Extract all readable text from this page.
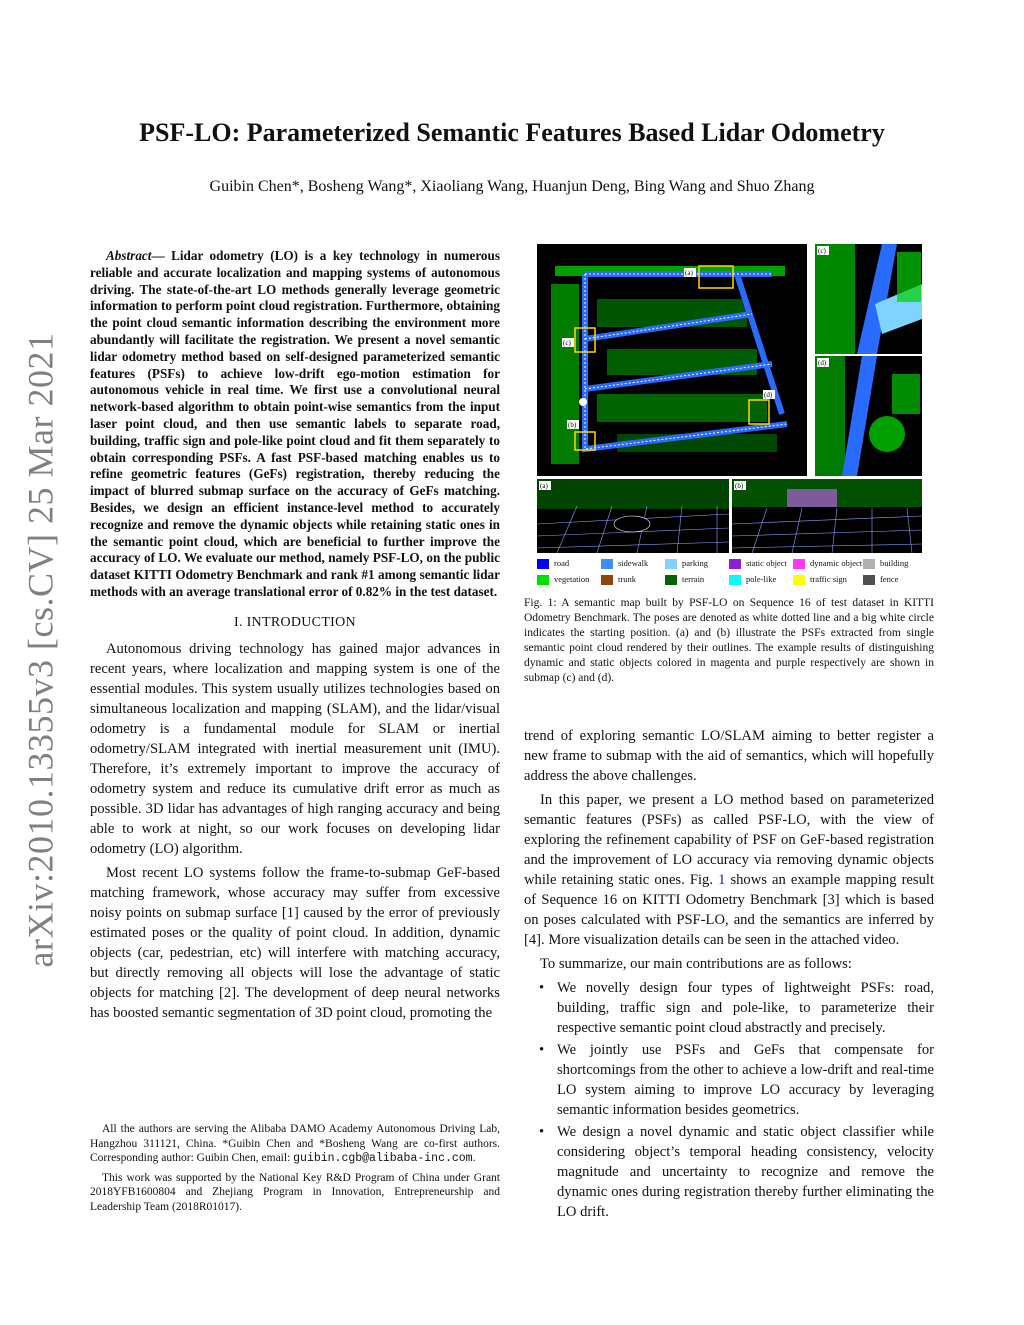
arXiv:2010.13355v3 [cs.CV] 25 Mar 2021
PSF-LO: Parameterized Semantic Features Based Lidar Odometry
Guibin Chen*, Bosheng Wang*, Xiaoliang Wang, Huanjun Deng, Bing Wang and Shuo Zhang

Abstract— Lidar odometry (LO) is a key technology in numerous reliable and accurate localization and mapping systems of autonomous driving. The state-of-the-art LO methods generally leverage geometric information to perform point cloud registration. Furthermore, obtaining the point cloud semantic information describing the environment more abundantly will facilitate the registration. We present a novel semantic lidar odometry method based on self-designed parameterized semantic features (PSFs) to achieve low-drift ego-motion estimation for autonomous vehicle in real time. We first use a convolutional neural network-based algorithm to obtain point-wise semantics from the input laser point cloud, and then use semantic labels to separate road, building, traffic sign and pole-like point cloud and fit them separately to obtain corresponding PSFs. A fast PSF-based matching enables us to refine geometric features (GeFs) registration, thereby reducing the impact of blurred submap surface on the accuracy of GeFs matching. Besides, we design an efficient instance-level method to accurately recognize and remove the dynamic objects while retaining static ones in the semantic point cloud, which are beneficial to further improve the accuracy of LO. We evaluate our method, namely PSF-LO, on the public dataset KITTI Odometry Benchmark and rank #1 among semantic lidar methods with an average translational error of 0.82% in the test dataset.

I. INTRODUCTION

Autonomous driving technology has gained major advances in recent years, where localization and mapping system is one of the essential modules. This system usually utilizes technologies based on simultaneous localization and mapping (SLAM), and the lidar/visual odometry is a fundamental module for SLAM or inertial odometry/SLAM integrated with inertial measurement unit (IMU). Therefore, it’s extremely important to improve the accuracy of odometry system and reduce its cumulative drift error as much as possible. 3D lidar has advantages of high ranging accuracy and being able to work at night, so our work focuses on developing lidar odometry (LO) algorithm.

Most recent LO systems follow the frame-to-submap GeF-based matching framework, whose accuracy may suffer from excessive noisy points on submap surface [1] caused by the error of previously estimated poses or the quality of point cloud. In addition, dynamic objects (car, pedestrian, etc) will interfere with matching accuracy, but directly removing all objects will lose the advantage of static objects for matching [2]. The development of deep neural networks has boosted semantic segmentation of 3D point cloud, promoting the

All the authors are serving the Alibaba DAMO Academy Autonomous Driving Lab, Hangzhou 311121, China. *Guibin Chen and *Bosheng Wang are co-first authors. Corresponding author: Guibin Chen, email: guibin.cgb@alibaba-inc.com.

This work was supported by the National Key R&D Program of China under Grant 2018YFB1600804 and Zhejiang Program in Innovation, Entrepreneurship and Leadership Team (2018R01017).

(a)
(c)
(d)
(b)
(c)
(d)
(a)	(b)
road	sidewalk	parking	static object	dynamic object	building
vegetation	trunk	terrain	pole-like	traffic sign	fence
Fig. 1: A semantic map built by PSF-LO on Sequence 16 of test dataset in KITTI Odometry Benchmark. The poses are denoted as white dotted line and a big white circle indicates the starting position. (a) and (b) illustrate the PSFs extracted from single semantic point cloud rendered by their outlines. The example results of distinguishing dynamic and static objects colored in magenta and purple respectively are shown in submap (c) and (d).

trend of exploring semantic LO/SLAM aiming to better register a new frame to submap with the aid of semantics, which will hopefully address the above challenges.

In this paper, we present a LO method based on parameterized semantic features (PSFs) as called PSF-LO, with the view of exploring the refinement capability of PSF on GeF-based registration and the improvement of LO accuracy via removing dynamic objects while retaining static ones. Fig. 1 shows an example mapping result of Sequence 16 on KITTI Odometry Benchmark [3] which is based on poses calculated with PSF-LO, and the semantics are inferred by [4]. More visualization details can be seen in the attached video.

To summarize, our main contributions are as follows:

• We novelly design four types of lightweight PSFs: road, building, traffic sign and pole-like, to parameterize their respective semantic point cloud abstractly and precisely.
• We jointly use PSFs and GeFs that compensate for shortcomings from the other to achieve a low-drift and real-time LO system aiming to improve LO accuracy by leveraging semantic information besides geometrics.
• We design a novel dynamic and static object classifier while considering object’s temporal heading consistency, velocity magnitude and uncertainty to recognize and remove the dynamic ones during registration thereby further eliminating the LO drift.
